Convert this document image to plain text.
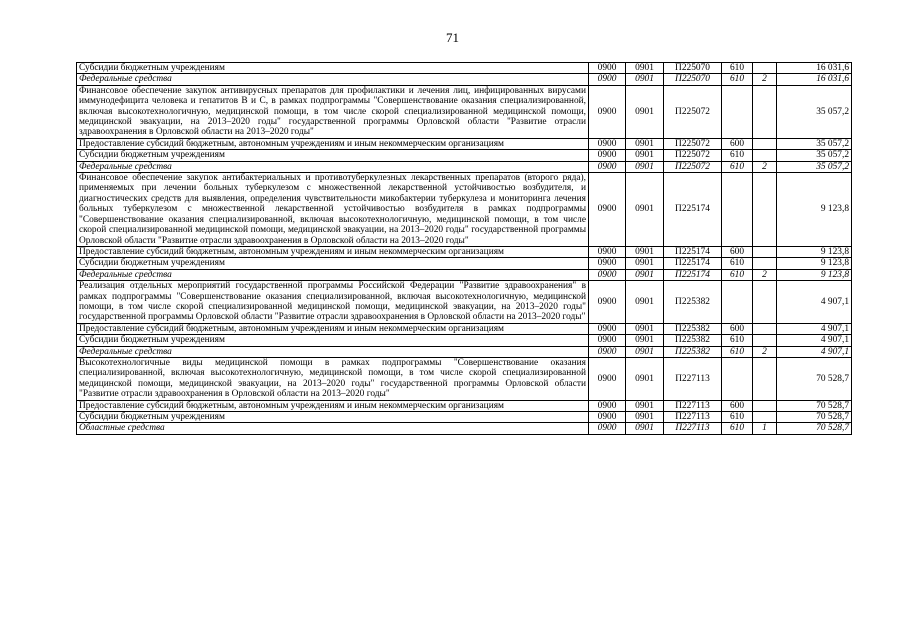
71
Субсидии бюджетным учреждениям	0900	0901	П225070	610		16 031,6
Федеральные средства	0900	0901	П225070	610	2	16 031,6
Финансовое обеспечение закупок антивирусных препаратов для профилактики и лечения лиц, инфицированных вирусами иммунодефицита человека и гепатитов В и С, в рамках подпрограммы "Совершенствование оказания специализированной, включая высокотехнологичную, медицинской помощи, в том числе скорой специализированной медицинской помощи, медицинской эвакуации, на 2013–2020 годы" государственной программы Орловской области "Развитие отрасли здравоохранения в Орловской области на 2013–2020 годы"	0900	0901	П225072			35 057,2
Предоставление субсидий бюджетным, автономным учреждениям и иным некоммерческим организациям	0900	0901	П225072	600		35 057,2
Субсидии бюджетным учреждениям	0900	0901	П225072	610		35 057,2
Федеральные средства	0900	0901	П225072	610	2	35 057,2
Финансовое обеспечение закупок антибактериальных и противотуберкулезных лекарственных препаратов (второго ряда), применяемых при лечении больных туберкулезом с множественной лекарственной устойчивостью возбудителя, и диагностических средств для выявления, определения чувствительности микобактерии туберкулеза и мониторинга лечения больных туберкулезом с множественной лекарственной устойчивостью возбудителя в рамках подпрограммы "Совершенствование оказания специализированной, включая высокотехнологичную, медицинской помощи, в том числе скорой специализированной медицинской помощи, медицинской эвакуации, на 2013–2020 годы" государственной программы Орловской области "Развитие отрасли здравоохранения в Орловской области на 2013–2020 годы"	0900	0901	П225174			9 123,8
Предоставление субсидий бюджетным, автономным учреждениям и иным некоммерческим организациям	0900	0901	П225174	600		9 123,8
Субсидии бюджетным учреждениям	0900	0901	П225174	610		9 123,8
Федеральные средства	0900	0901	П225174	610	2	9 123,8
Реализация отдельных мероприятий государственной программы Российской Федерации "Развитие здравоохранения" в рамках подпрограммы "Совершенствование оказания специализированной, включая высокотехнологичную, медицинской помощи, в том числе скорой специализированной медицинской помощи, медицинской эвакуации, на 2013–2020 годы" государственной программы Орловской области "Развитие отрасли здравоохранения в Орловской области на 2013–2020 годы"	0900	0901	П225382			4 907,1
Предоставление субсидий бюджетным, автономным учреждениям и иным некоммерческим организациям	0900	0901	П225382	600		4 907,1
Субсидии бюджетным учреждениям	0900	0901	П225382	610		4 907,1
Федеральные средства	0900	0901	П225382	610	2	4 907,1
Высокотехнологичные виды медицинской помощи в рамках подпрограммы "Совершенствование оказания специализированной, включая высокотехнологичную, медицинской помощи, в том числе скорой специализированной медицинской помощи, медицинской эвакуации, на 2013–2020 годы" государственной программы Орловской области "Развитие отрасли здравоохранения в Орловской области на 2013–2020 годы"	0900	0901	П227113			70 528,7
Предоставление субсидий бюджетным, автономным учреждениям и иным некоммерческим организациям	0900	0901	П227113	600		70 528,7
Субсидии бюджетным учреждениям	0900	0901	П227113	610		70 528,7
Областные средства	0900	0901	П227113	610	1	70 528,7
